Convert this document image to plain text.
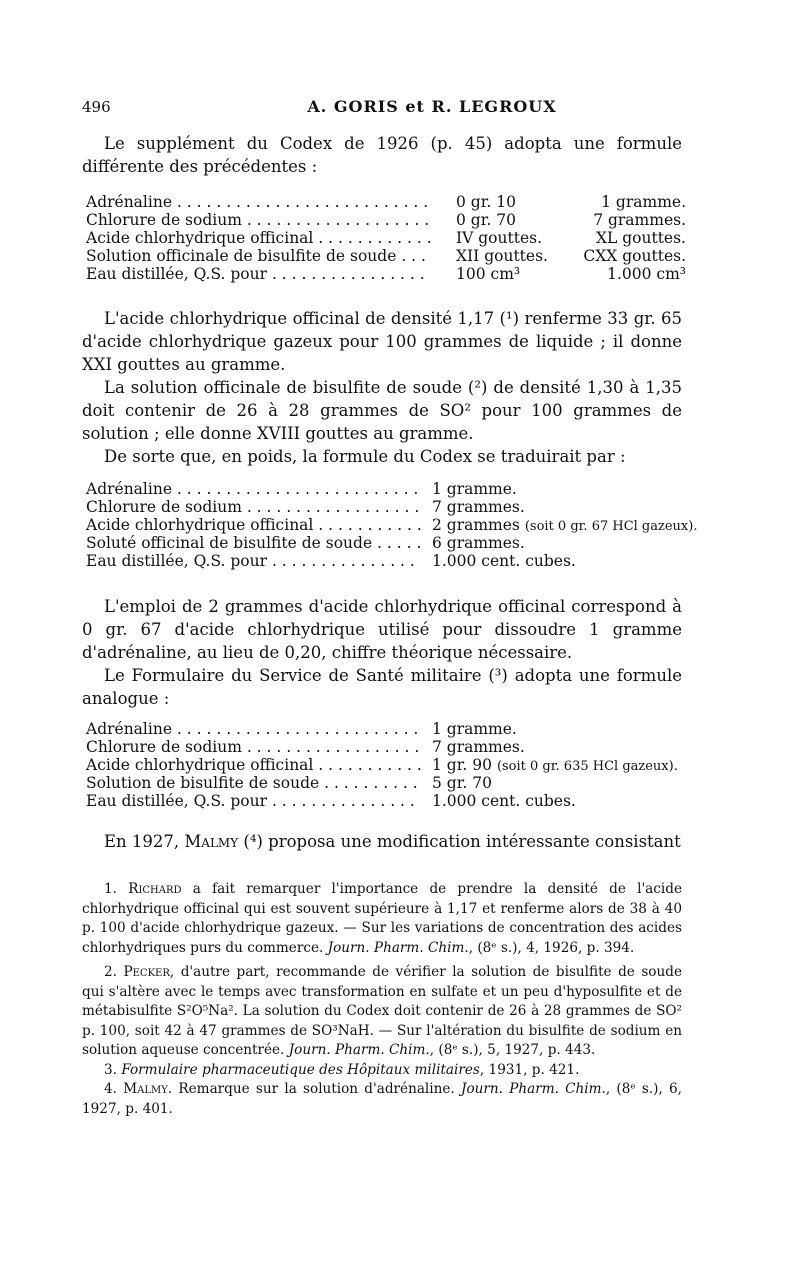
496	A. GORIS et R. LEGROUX
Le supplément du Codex de 1926 (p. 45) adopta une formule différente des précédentes :
Adrénaline . . .	0 gr. 10	1 gramme.
Chlorure de sodium . . .	0 gr. 70	7 grammes.
Acide chlorhydrique officinal . . .	IV gouttes.	XL gouttes.
Solution officinale de bisulfite de soude . . .	XII gouttes. CXX gouttes.
Eau distillée, Q.S. pour . . .	100 cm³	1.000 cm³
L'acide chlorhydrique officinal de densité 1,17 (¹) renferme 33 gr. 65 d'acide chlorhydrique gazeux pour 100 grammes de liquide ; il donne XXI gouttes au gramme.
La solution officinale de bisulfite de soude (²) de densité 1,30 à 1,35 doit contenir de 26 à 28 grammes de SO² pour 100 grammes de solution ; elle donne XVIII gouttes au gramme.
De sorte que, en poids, la formule du Codex se traduirait par :
Adrénaline . . .	1 gramme.
Chlorure de sodium . . .	7 grammes.
Acide chlorhydrique officinal . . .	2 grammes (soit 0 gr. 67 HCl gazeux).
Soluté officinal de bisulfite de soude . . .	6 grammes.
Eau distillée, Q.S. pour . . .	1.000 cent. cubes.
L'emploi de 2 grammes d'acide chlorhydrique officinal correspond à 0 gr. 67 d'acide chlorhydrique utilisé pour dissoudre 1 gramme d'adrénaline, au lieu de 0,20, chiffre théorique nécessaire.
Le Formulaire du Service de Santé militaire (³) adopta une formule analogue :
Adrénaline . . .	1 gramme.
Chlorure de sodium . . .	7 grammes.
Acide chlorhydrique officinal . . .	1 gr. 90 (soit 0 gr. 635 HCl gazeux).
Solution de bisulfite de soude . . .	5 gr. 70
Eau distillée, Q.S. pour . . .	1.000 cent. cubes.
En 1927, Malmy (⁴) proposa une modification intéressante consistant

1. Richard a fait remarquer l'importance de prendre la densité de l'acide chlorhydrique officinal qui est souvent supérieure à 1,17 et renferme alors de 38 à 40 p. 100 d'acide chlorhydrique gazeux. — Sur les variations de concentration des acides chlorhydriques purs du commerce. Journ. Pharm. Chim., (8ᵉ s.), 4, 1926, p. 394.

2. Pecker, d'autre part, recommande de vérifier la solution de bisulfite de soude qui s'altère avec le temps avec transformation en sulfate et un peu d'hyposulfite et de métabisulfite S²O⁵Na². La solution du Codex doit contenir de 26 à 28 grammes de SO² p. 100, soit 42 à 47 grammes de SO³NaH. — Sur l'altération du bisulfite de sodium en solution aqueuse concentrée. Journ. Pharm. Chim., (8ᵉ s.), 5, 1927, p. 443.

3. Formulaire pharmaceutique des Hôpitaux militaires, 1931, p. 421.

4. Malmy. Remarque sur la solution d'adrénaline. Journ. Pharm. Chim., (8ᵉ s.), 6, 1927, p. 401.
